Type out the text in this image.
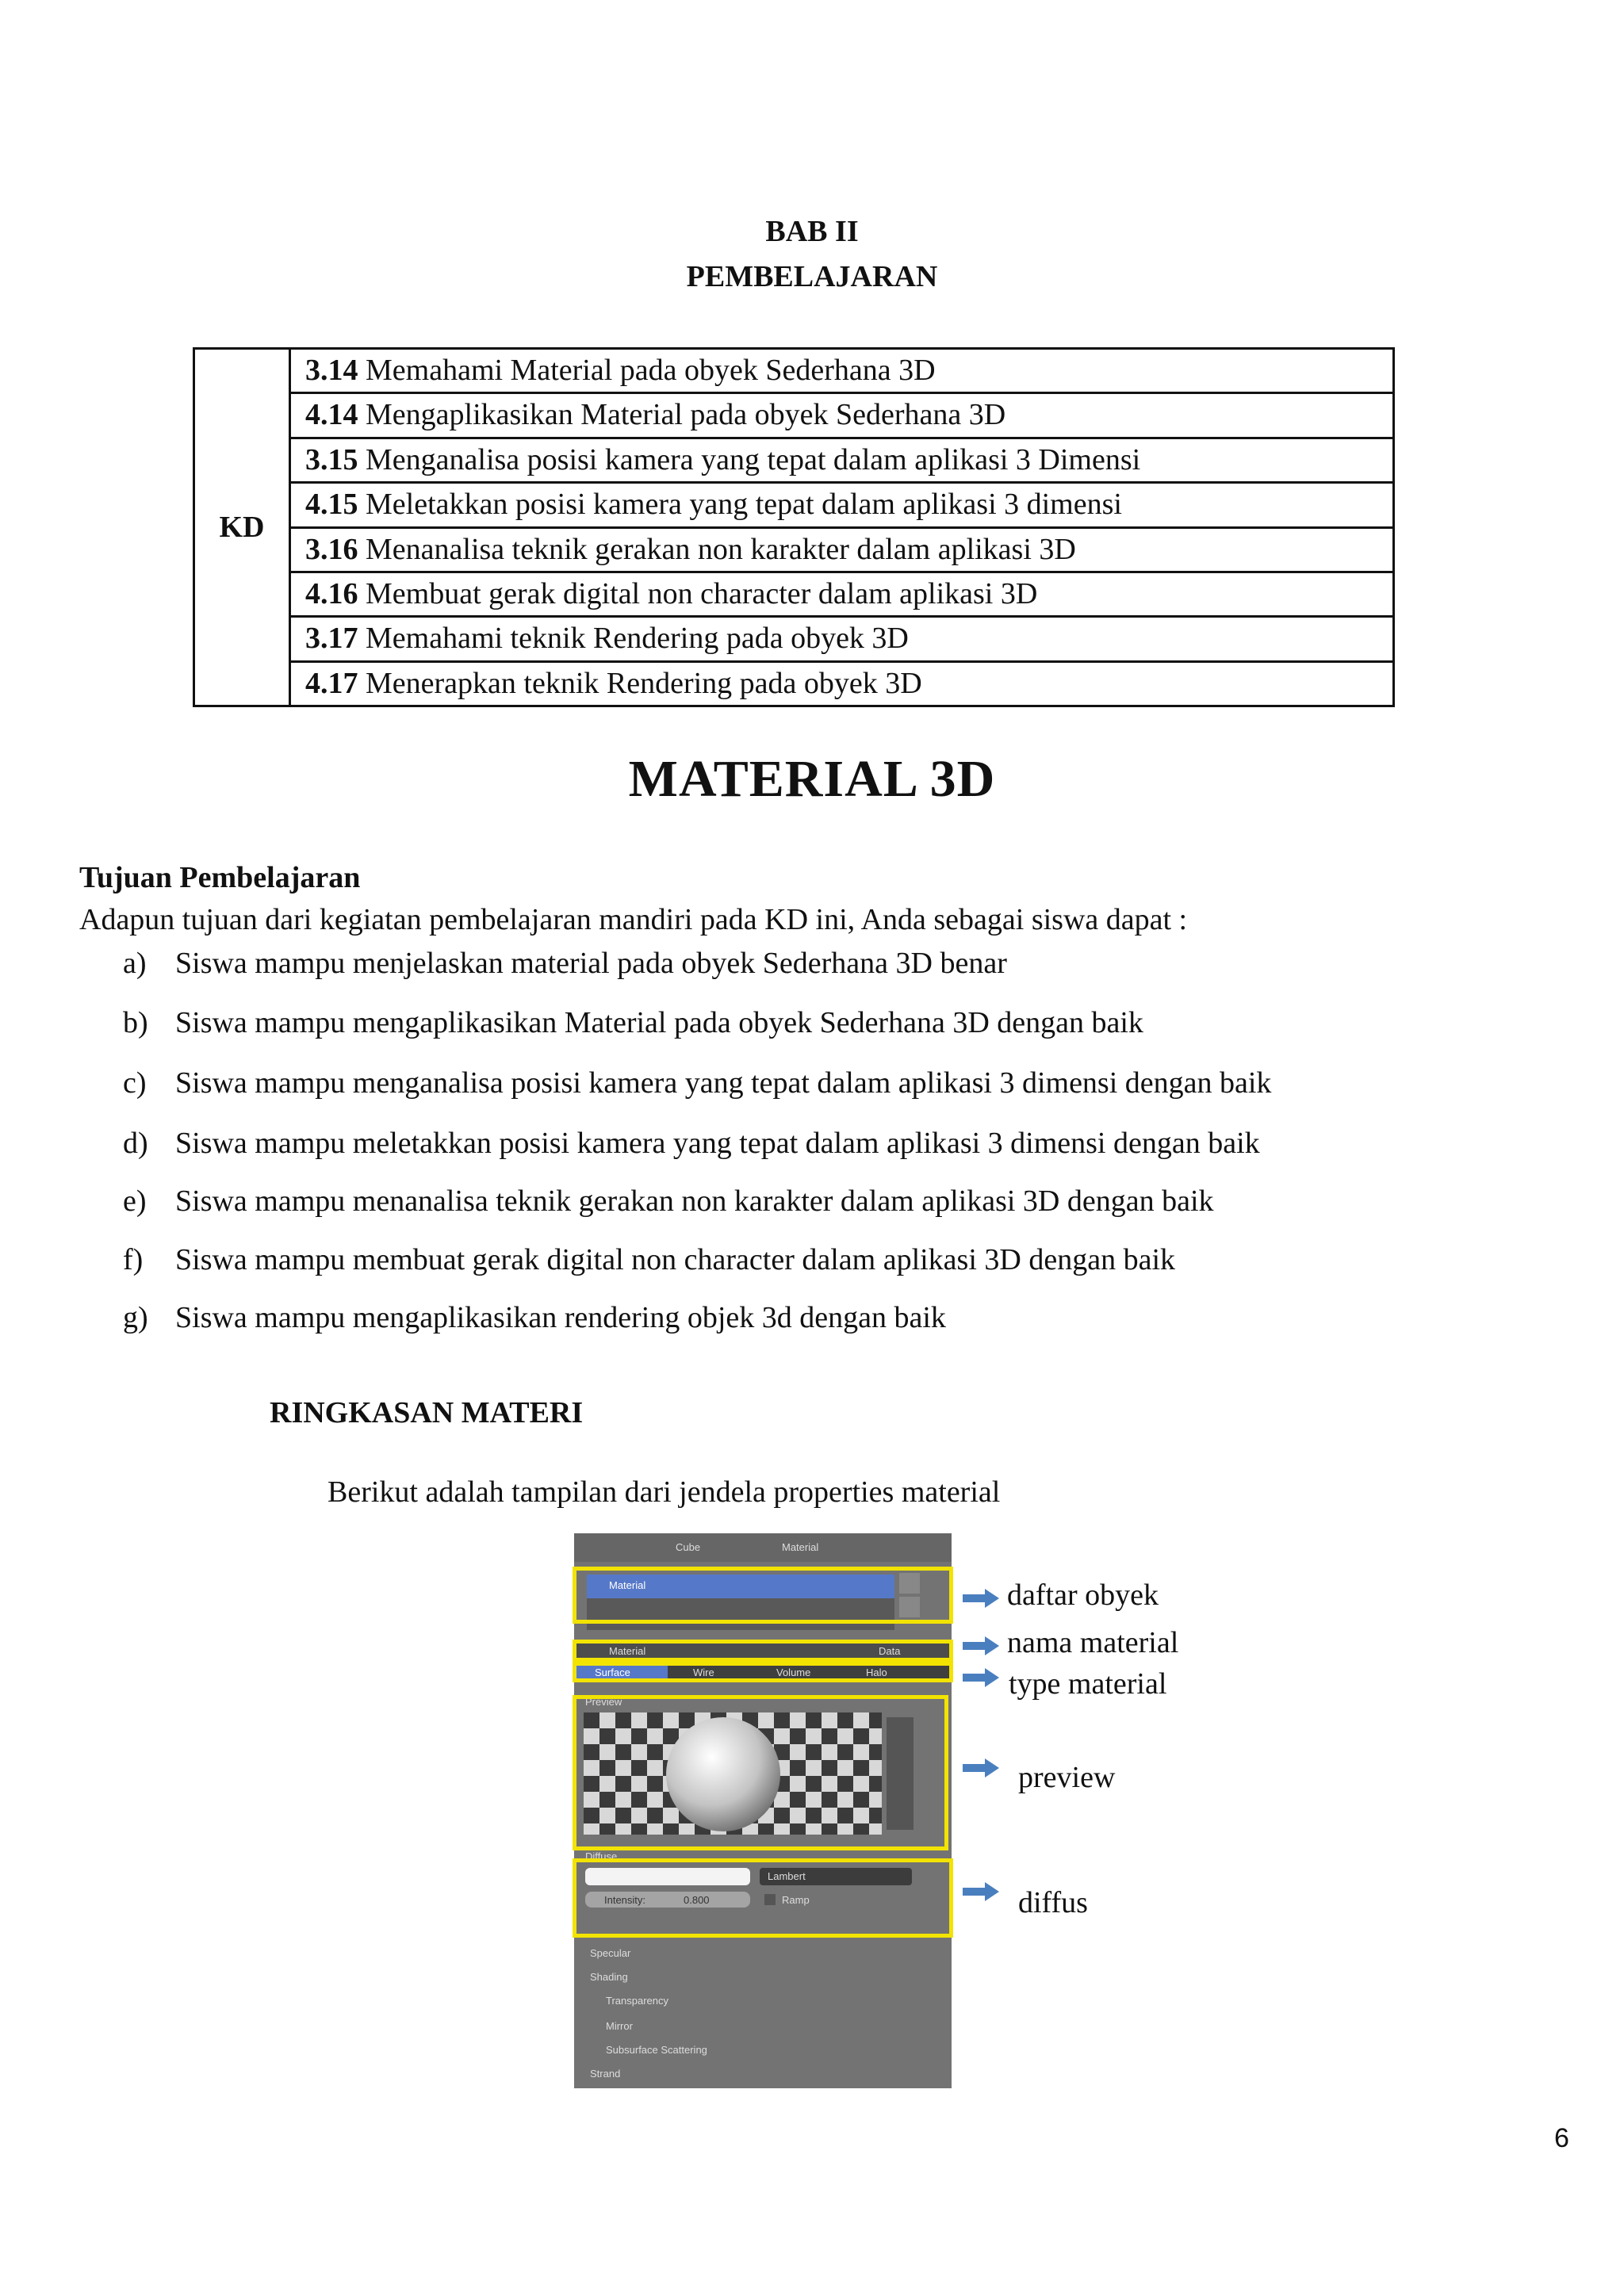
BAB II
PEMBELAJARAN
KD
3.14 Memahami Material pada obyek Sederhana 3D
4.14 Mengaplikasikan Material pada obyek Sederhana 3D
3.15 Menganalisa posisi kamera yang tepat dalam aplikasi 3 Dimensi
4.15 Meletakkan posisi kamera yang tepat dalam aplikasi 3 dimensi
3.16 Menanalisa teknik gerakan non karakter dalam aplikasi 3D
4.16 Membuat gerak digital non character dalam aplikasi 3D
3.17 Memahami teknik Rendering pada obyek 3D
4.17 Menerapkan teknik Rendering pada obyek 3D
MATERIAL 3D
Tujuan Pembelajaran
Adapun tujuan dari kegiatan pembelajaran mandiri pada KD ini, Anda sebagai siswa dapat :
a) Siswa mampu menjelaskan material pada obyek Sederhana 3D benar
b) Siswa mampu mengaplikasikan Material pada obyek Sederhana 3D dengan baik
c) Siswa mampu menganalisa posisi kamera yang tepat dalam aplikasi 3 dimensi dengan baik
d) Siswa mampu meletakkan posisi kamera yang tepat dalam aplikasi 3 dimensi dengan baik
e) Siswa mampu menanalisa teknik gerakan non karakter dalam aplikasi 3D dengan baik
f) Siswa mampu membuat gerak digital non character dalam aplikasi 3D dengan baik
g) Siswa mampu mengaplikasikan rendering objek 3d dengan baik
RINGKASAN MATERI
Berikut adalah tampilan dari jendela properties material
Cube	Material
Material
Material	Data
Surface	Wire	Volume	Halo
Preview
Diffuse
Lambert
Intensity:	0.800	Ramp
Specular
Shading
Transparency
Mirror
Subsurface Scattering
Strand
daftar obyek
nama material
type material
preview
diffus
6
